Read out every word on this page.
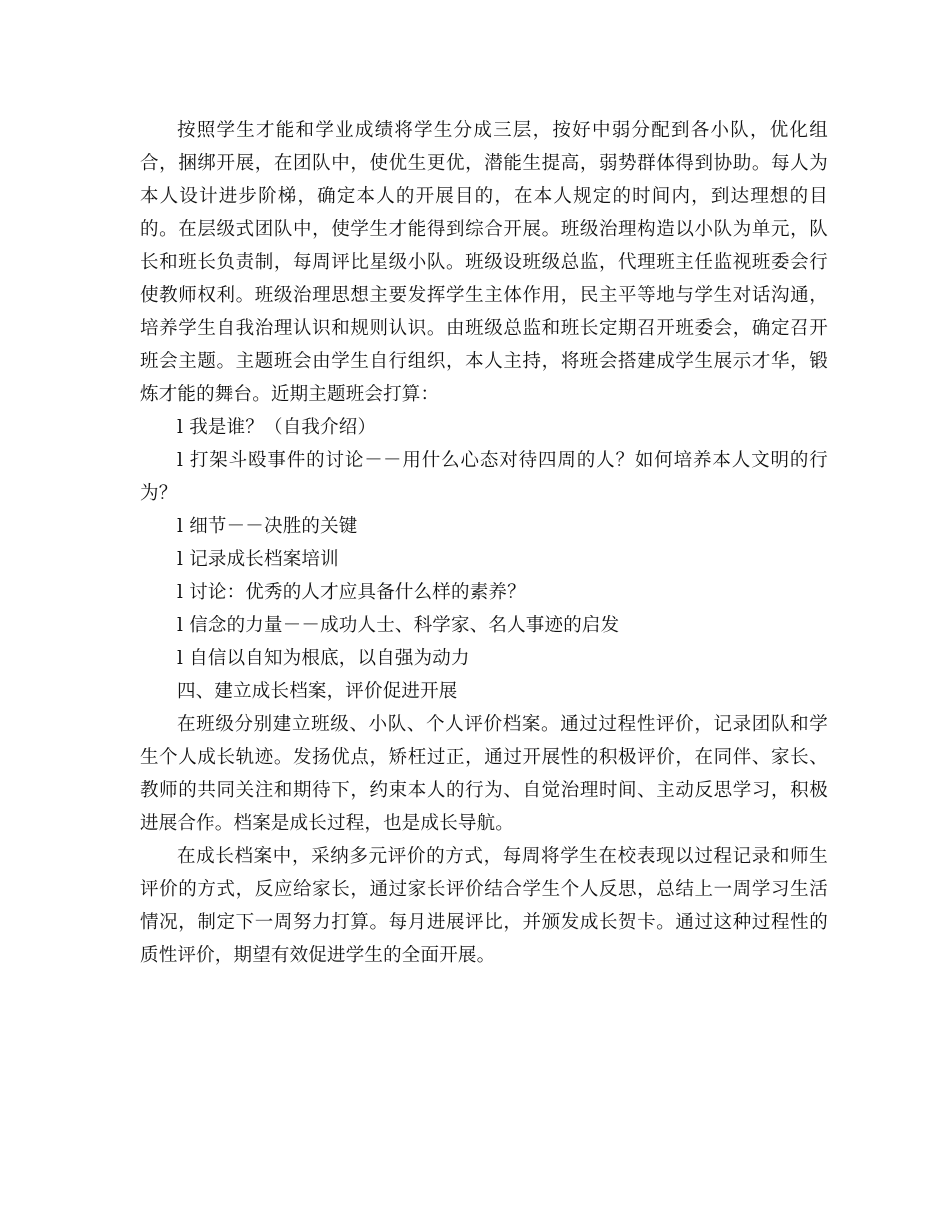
按照学生才能和学业成绩将学生分成三层，按好中弱分配到各小队，优化组合，捆绑开展，在团队中，使优生更优，潜能生提高，弱势群体得到协助。每人为本人设计进步阶梯，确定本人的开展目的，在本人规定的时间内，到达理想的目的。在层级式团队中，使学生才能得到综合开展。班级治理构造以小队为单元，队长和班长负责制，每周评比星级小队。班级设班级总监，代理班主任监视班委会行使教师权利。班级治理思想主要发挥学生主体作用，民主平等地与学生对话沟通，培养学生自我治理认识和规则认识。由班级总监和班长定期召开班委会，确定召开班会主题。主题班会由学生自行组织，本人主持，将班会搭建成学生展示才华，锻炼才能的舞台。近期主题班会打算：

l 我是谁？（自我介绍）

l 打架斗殴事件的讨论－－用什么心态对待四周的人？如何培养本人文明的行为？

l 细节－－决胜的关键

l 记录成长档案培训

l 讨论：优秀的人才应具备什么样的素养？

l 信念的力量－－成功人士、科学家、名人事迹的启发

l 自信以自知为根底，以自强为动力

四、建立成长档案，评价促进开展

在班级分别建立班级、小队、个人评价档案。通过过程性评价，记录团队和学生个人成长轨迹。发扬优点，矫枉过正，通过开展性的积极评价，在同伴、家长、教师的共同关注和期待下，约束本人的行为、自觉治理时间、主动反思学习，积极进展合作。档案是成长过程，也是成长导航。

在成长档案中，采纳多元评价的方式，每周将学生在校表现以过程记录和师生评价的方式，反应给家长，通过家长评价结合学生个人反思，总结上一周学习生活情况，制定下一周努力打算。每月进展评比，并颁发成长贺卡。通过这种过程性的质性评价，期望有效促进学生的全面开展。
